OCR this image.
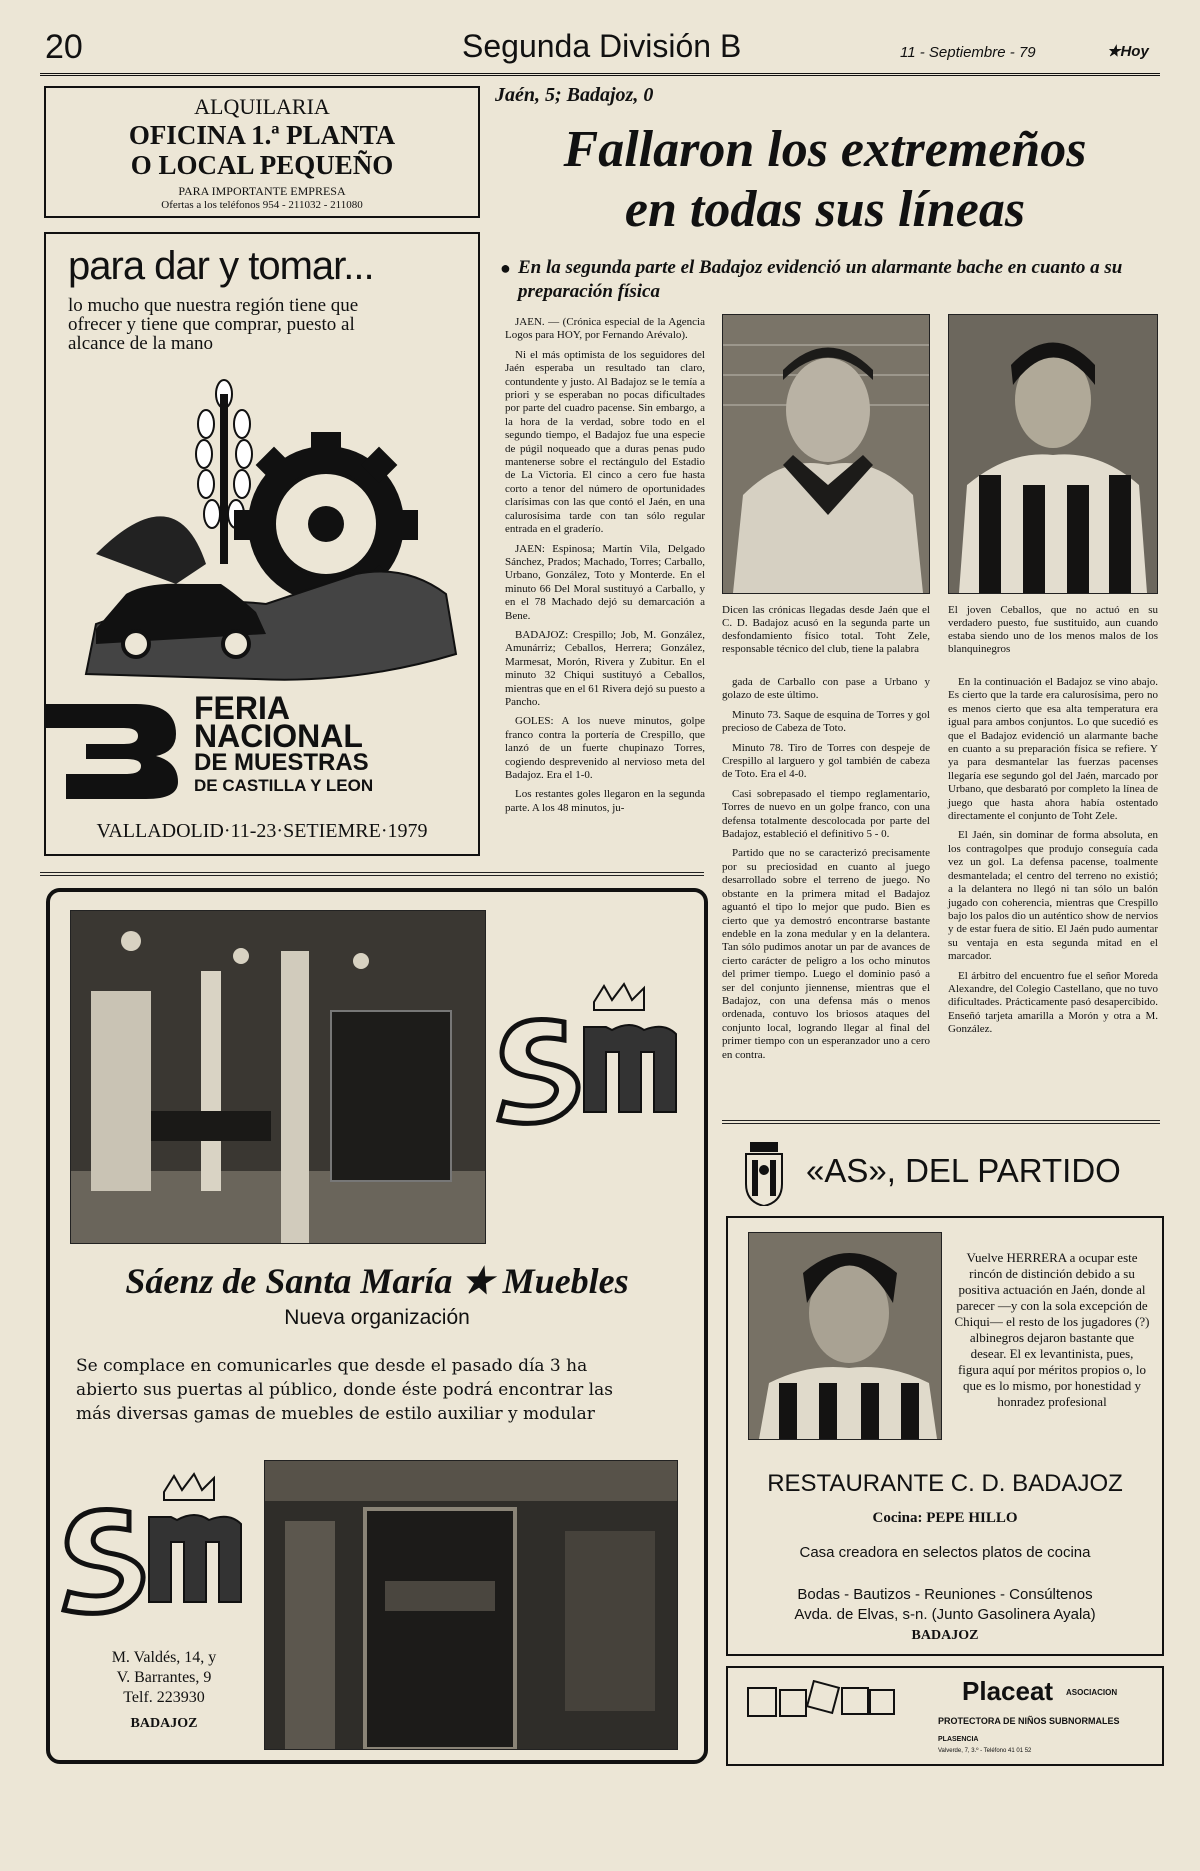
20	Segunda División B	11 - Septiembre - 79	★Hoy
ALQUILARIA
OFICINA 1.ª PLANTA
O LOCAL PEQUEÑO
PARA IMPORTANTE EMPRESA
Ofertas a los teléfonos 954 - 211032 - 211080
para dar y tomar...
lo mucho que nuestra región tiene que ofrecer y tiene que comprar, puesto al alcance de la mano
FERIA
NACIONAL
DE MUESTRAS
DE CASTILLA Y LEON
VALLADOLID·11-23·SETIEMRE·1979
Jaén, 5; Badajoz, 0
Fallaron los extremeños
en todas sus líneas
● En la segunda parte el Badajoz evidenció un alarmante bache en cuanto a su preparación física

JAEN. — (Crónica especial de la Agencia Logos para HOY, por Fernando Arévalo).

Ni el más optimista de los seguidores del Jaén esperaba un resultado tan claro, contundente y justo. Al Badajoz se le temía a priori y se esperaban no pocas dificultades por parte del cuadro pacense. Sin embargo, a la hora de la verdad, sobre todo en el segundo tiempo, el Badajoz fue una especie de púgil noqueado que a duras penas pudo mantenerse sobre el rectángulo del Estadio de La Victoria. El cinco a cero fue hasta corto a tenor del número de oportunidades clarísimas con las que contó el Jaén, en una calurosísima tarde con tan sólo regular entrada en el graderío.

JAEN: Espinosa; Martín Vila, Delgado Sánchez, Prados; Machado, Torres; Carballo, Urbano, González, Toto y Monterde. En el minuto 66 Del Moral sustituyó a Carballo, y en el 78 Machado dejó su demarcación a Bene.

BADAJOZ: Crespillo; Job, M. González, Amunárriz; Ceballos, Herrera; González, Marmesat, Morón, Rivera y Zubitur. En el minuto 32 Chiqui sustituyó a Ceballos, mientras que en el 61 Rivera dejó su puesto a Pancho.

GOLES: A los nueve minutos, golpe franco contra la portería de Crespillo, que lanzó de un fuerte chupinazo Torres, cogiendo desprevenido al nervioso meta del Badajoz. Era el 1-0.

Los restantes goles llegaron en la segunda parte. A los 48 minutos, ju-

Dicen las crónicas llegadas desde Jaén que el C. D. Badajoz acusó en la segunda parte un desfondamiento físico total. Toht Zele, responsable técnico del club, tiene la palabra
El joven Ceballos, que no actuó en su verdadero puesto, fue sustituido, aun cuando estaba siendo uno de los menos malos de los blanquinegros

gada de Carballo con pase a Urbano y golazo de este último.

Minuto 73. Saque de esquina de Torres y gol precioso de Cabeza de Toto.

Minuto 78. Tiro de Torres con despeje de Crespillo al larguero y gol también de cabeza de Toto. Era el 4-0.

Casi sobrepasado el tiempo reglamentario, Torres de nuevo en un golpe franco, con una defensa totalmente descolocada por parte del Badajoz, estableció el definitivo 5 - 0.

Partido que no se caracterizó precisamente por su preciosidad en cuanto al juego desarrollado sobre el terreno de juego. No obstante en la primera mitad el Badajoz aguantó el tipo lo mejor que pudo. Bien es cierto que ya demostró encontrarse bastante endeble en la zona medular y en la delantera. Tan sólo pudimos anotar un par de avances de cierto carácter de peligro a los ocho minutos del primer tiempo. Luego el dominio pasó a ser del conjunto jiennense, mientras que el Badajoz, con una defensa más o menos ordenada, contuvo los briosos ataques del conjunto local, logrando llegar al final del primer tiempo con un esperanzador uno a cero en contra.

En la continuación el Badajoz se vino abajo. Es cierto que la tarde era calurosísima, pero no es menos cierto que esa alta temperatura era igual para ambos conjuntos. Lo que sucedió es que el Badajoz evidenció un alarmante bache en cuanto a su preparación física se refiere. Y ya para desmantelar las fuerzas pacenses llegaría ese segundo gol del Jaén, marcado por Urbano, que desbarató por completo la línea de juego que hasta ahora había ostentado directamente el conjunto de Toht Zele.

El Jaén, sin dominar de forma absoluta, en los contragolpes que produjo conseguía cada vez un gol. La defensa pacense, toalmente desmantelada; el centro del terreno no existió; a la delantera no llegó ni tan sólo un balón jugado con coherencia, mientras que Crespillo bajo los palos dio un auténtico show de nervios y de estar fuera de sitio. El Jaén pudo aumentar su ventaja en esta segunda mitad en el marcador.

El árbitro del encuentro fue el señor Moreda Alexandre, del Colegio Castellano, que no tuvo dificultades. Prácticamente pasó desapercibido. Enseñó tarjeta amarilla a Morón y otra a M. González.

«AS», DEL PARTIDO
Vuelve HERRERA a ocupar este rincón de distinción debido a su positiva actuación en Jaén, donde al parecer —y con la sola excepción de Chiqui— el resto de los jugadores (?) albinegros dejaron bastante que desear. El ex levantinista, pues, figura aquí por méritos propios o, lo que es lo mismo, por honestidad y honradez profesional
RESTAURANTE C. D. BADAJOZ
Cocina: PEPE HILLO
Casa creadora en selectos platos de cocina
Bodas - Bautizos - Reuniones - Consúltenos
Avda. de Elvas, s-n. (Junto Gasolinera Ayala)
BADAJOZ
Placeat ASOCIACION
PROTECTORA DE NIÑOS SUBNORMALES
PLASENCIA
Valverde, 7, 3.º - Teléfono 41 01 52
Sáenz de Santa María ★ Muebles
Nueva organización
Se complace en comunicarles que desde el pasado día 3 ha abierto sus puertas al público, donde éste podrá encontrar las más diversas gamas de muebles de estilo auxiliar y modular
M. Valdés, 14, y
V. Barrantes, 9
Telf. 223930
BADAJOZ
